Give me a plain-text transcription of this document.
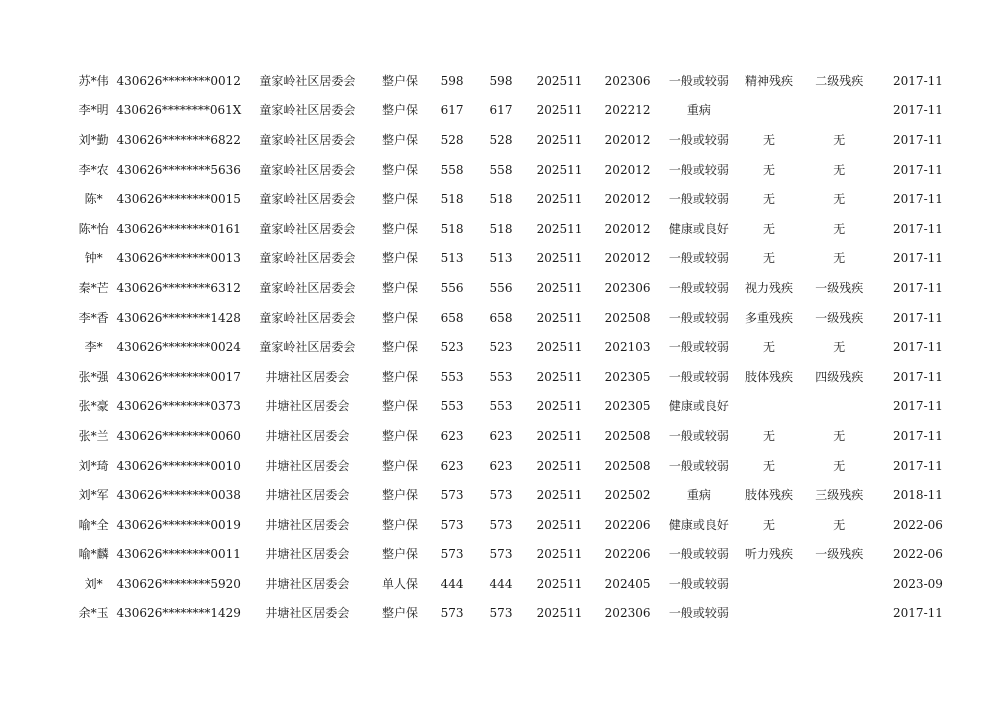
	苏*伟	430626********0012	童家岭社区居委会	整户保	598	598	202511	202306	一般或较弱	精神残疾	二级残疾	2017-11	
	李*明	430626********061X	童家岭社区居委会	整户保	617	617	202511	202212	重病			2017-11	
	刘*勤	430626********6822	童家岭社区居委会	整户保	528	528	202511	202012	一般或较弱	无	无	2017-11	
	李*农	430626********5636	童家岭社区居委会	整户保	558	558	202511	202012	一般或较弱	无	无	2017-11	
	陈*	430626********0015	童家岭社区居委会	整户保	518	518	202511	202012	一般或较弱	无	无	2017-11	
	陈*怡	430626********0161	童家岭社区居委会	整户保	518	518	202511	202012	健康或良好	无	无	2017-11	
	钟*	430626********0013	童家岭社区居委会	整户保	513	513	202511	202012	一般或较弱	无	无	2017-11	
	秦*芒	430626********6312	童家岭社区居委会	整户保	556	556	202511	202306	一般或较弱	视力残疾	一级残疾	2017-11	
	李*香	430626********1428	童家岭社区居委会	整户保	658	658	202511	202508	一般或较弱	多重残疾	一级残疾	2017-11	
	李*	430626********0024	童家岭社区居委会	整户保	523	523	202511	202103	一般或较弱	无	无	2017-11	
	张*强	430626********0017	井塘社区居委会	整户保	553	553	202511	202305	一般或较弱	肢体残疾	四级残疾	2017-11	
	张*豪	430626********0373	井塘社区居委会	整户保	553	553	202511	202305	健康或良好			2017-11	
	张*兰	430626********0060	井塘社区居委会	整户保	623	623	202511	202508	一般或较弱	无	无	2017-11	
	刘*琦	430626********0010	井塘社区居委会	整户保	623	623	202511	202508	一般或较弱	无	无	2017-11	
	刘*军	430626********0038	井塘社区居委会	整户保	573	573	202511	202502	重病	肢体残疾	三级残疾	2018-11	
	喻*全	430626********0019	井塘社区居委会	整户保	573	573	202511	202206	健康或良好	无	无	2022-06	
	喻*麟	430626********0011	井塘社区居委会	整户保	573	573	202511	202206	一般或较弱	听力残疾	一级残疾	2022-06	
	刘*	430626********5920	井塘社区居委会	单人保	444	444	202511	202405	一般或较弱			2023-09	
	余*玉	430626********1429	井塘社区居委会	整户保	573	573	202511	202306	一般或较弱			2017-11	
